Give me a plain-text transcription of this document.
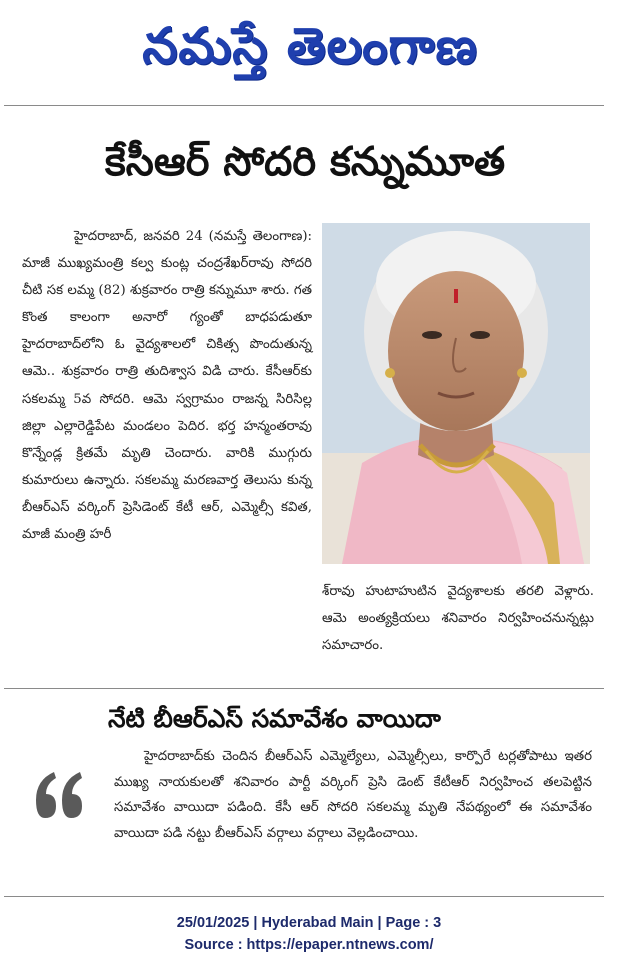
నమస్తే తెలంగాణ
కేసీఆర్ సోదరి కన్నుమూత

హైదరాబాద్, జనవరి 24 (నమస్తే తెలంగాణ): మాజీ ముఖ్యమంత్రి కల్వ కుంట్ల చంద్రశేఖర్‌రావు సోదరి చీటి సక లమ్మ (82) శుక్రవారం రాత్రి కన్నుమూ శారు. గత కొంత కాలంగా అనారో గ్యంతో బాధపడుతూ హైదరాబాద్‌లోని ఓ వైద్యశాలలో చికిత్స పొందుతున్న ఆమె.. శుక్రవారం రాత్రి తుదిశ్వాస విడి చారు. కేసీఆర్‌కు సకలమ్మ 5వ సోదరి. ఆమె స్వగ్రామం రాజన్న సిరిసిల్ల జిల్లా ఎల్లారెడ్డిపేట మండలం పెదిర. భర్త హన్మంతరావు కొన్నేండ్ల క్రితమే మృతి చెందారు. వారికి ముగ్గురు కుమారులు ఉన్నారు. సకలమ్మ మరణవార్త తెలుసు కున్న బీఆర్‌ఎస్ వర్కింగ్ ప్రెసిడెంట్ కేటీ ఆర్, ఎమ్మెల్సీ కవిత, మాజీ మంత్రి హరీ

శ్‌రావు హుటాహుటిన వైద్యశాలకు తరలి వెళ్లారు. ఆమె అంత్యక్రియలు శనివారం నిర్వహించనున్నట్లు సమాచారం.
నేటి బీఆర్‌ఎస్ సమావేశం వాయిదా
హైదరాబాద్‌కు చెందిన బీఆర్‌ఎస్ ఎమ్మెల్యేలు, ఎమ్మెల్సీలు, కార్పొరే టర్లతోపాటు ఇతర ముఖ్య నాయకులతో శనివారం పార్టీ వర్కింగ్ ప్రెసి డెంట్ కేటీఆర్ నిర్వహించ తలపెట్టిన సమావేశం వాయిదా పడింది. కేసీ ఆర్ సోదరి సకలమ్మ మృతి నేపథ్యంలో ఈ సమావేశం వాయిదా పడి నట్టు బీఆర్‌ఎస్ వర్గాలు వర్గాలు వెల్లడించాయి.
25/01/2025 | Hyderabad Main | Page : 3
Source : https://epaper.ntnews.com/
